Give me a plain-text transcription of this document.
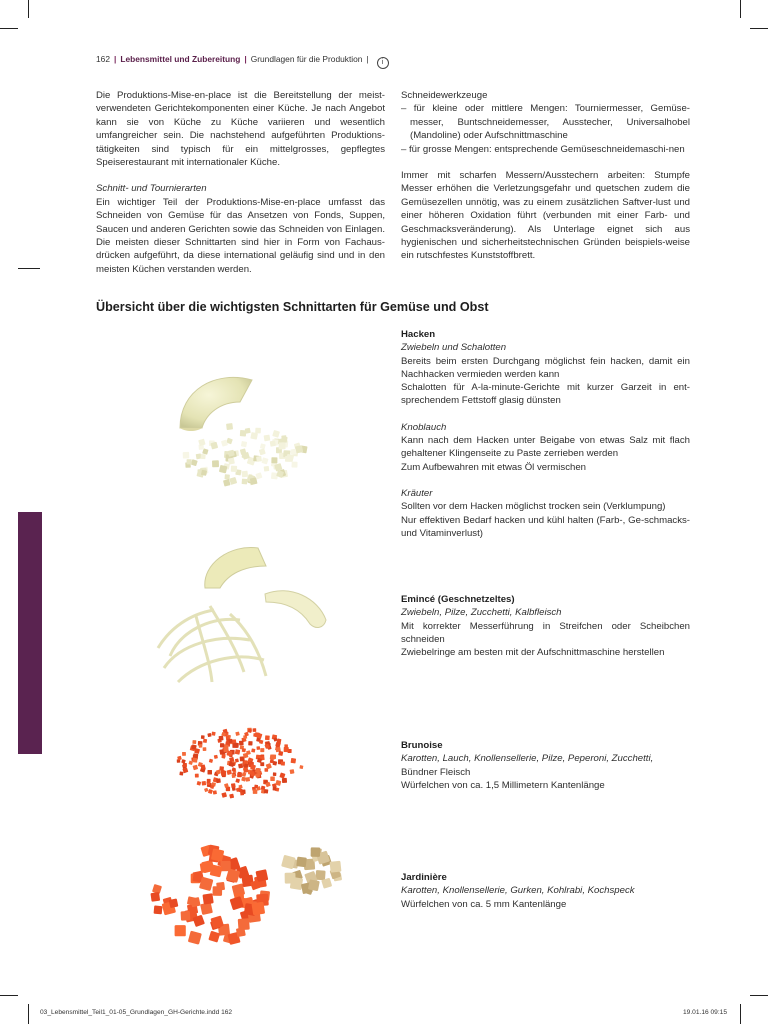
162 | Lebensmittel und Zubereitung | Grundlagen für die Produktion | i

Die Produktions-Mise-en-place ist die Bereitstellung der meist-verwendeten Gerichtekomponenten einer Küche. Je nach Angebot kann sie von Küche zu Küche variieren und wesentlich umfangreicher sein. Die nachstehend aufgeführten Produktions-tätigkeiten sind typisch für ein mittelgrosses, gepflegtes Speiserestaurant mit internationaler Küche.

Schnitt- und Tournierarten

Ein wichtiger Teil der Produktions-Mise-en-place umfasst das Schneiden von Gemüse für das Ansetzen von Fonds, Suppen, Saucen und anderen Gerichten sowie das Schneiden von Einlagen. Die meisten dieser Schnittarten sind hier in Form von Fachaus-drücken aufgeführt, da diese international geläufig sind und in den meisten Küchen verstanden werden.

Schneidewerkzeuge

– für kleine oder mittlere Mengen: Tourniermesser, Gemüse-messer, Buntschneidemesser, Ausstecher, Universalhobel (Mandoline) oder Aufschnittmaschine

– für grosse Mengen: entsprechende Gemüseschneidemaschi-nen

Immer mit scharfen Messern/Ausstechern arbeiten: Stumpfe Messer erhöhen die Verletzungsgefahr und quetschen zudem die Gemüsezellen unnötig, was zu einem zusätzlichen Saftver-lust und einer höheren Oxidation führt (verbunden mit einer Farb- und Geschmacksveränderung). Als Unterlage eignet sich aus hygienischen und sicherheitstechnischen Gründen beispiels-weise ein rutschfestes Kunststoffbrett.

Übersicht über die wichtigsten Schnittarten für Gemüse und Obst
Hacken
Zwiebeln und Schalotten
Bereits beim ersten Durchgang möglichst fein hacken, damit ein Nachhacken vermieden werden kann
Schalotten für A-la-minute-Gerichte mit kurzer Garzeit in ent-sprechendem Fettstoff glasig dünsten
Knoblauch
Kann nach dem Hacken unter Beigabe von etwas Salz mit flach gehaltener Klingenseite zu Paste zerrieben werden
Zum Aufbewahren mit etwas Öl vermischen
Kräuter
Sollten vor dem Hacken möglichst trocken sein (Verklumpung)
Nur effektiven Bedarf hacken und kühl halten (Farb-, Ge-schmacks- und Vitaminverlust)
Emincé (Geschnetzeltes)
Zwiebeln, Pilze, Zucchetti, Kalbfleisch
Mit korrekter Messerführung in Streifchen oder Scheibchen schneiden
Zwiebelringe am besten mit der Aufschnittmaschine herstellen
Brunoise
Karotten, Lauch, Knollensellerie, Pilze, Peperoni, Zucchetti,
Bündner Fleisch
Würfelchen von ca. 1,5 Millimetern Kantenlänge
Jardinière
Karotten, Knollensellerie, Gurken, Kohlrabi, Kochspeck
Würfelchen von ca. 5 mm Kantenlänge
03_Lebensmittel_Teil1_01-05_Grundlagen_GH-Gerichte.indd 162	19.01.16 09:15
